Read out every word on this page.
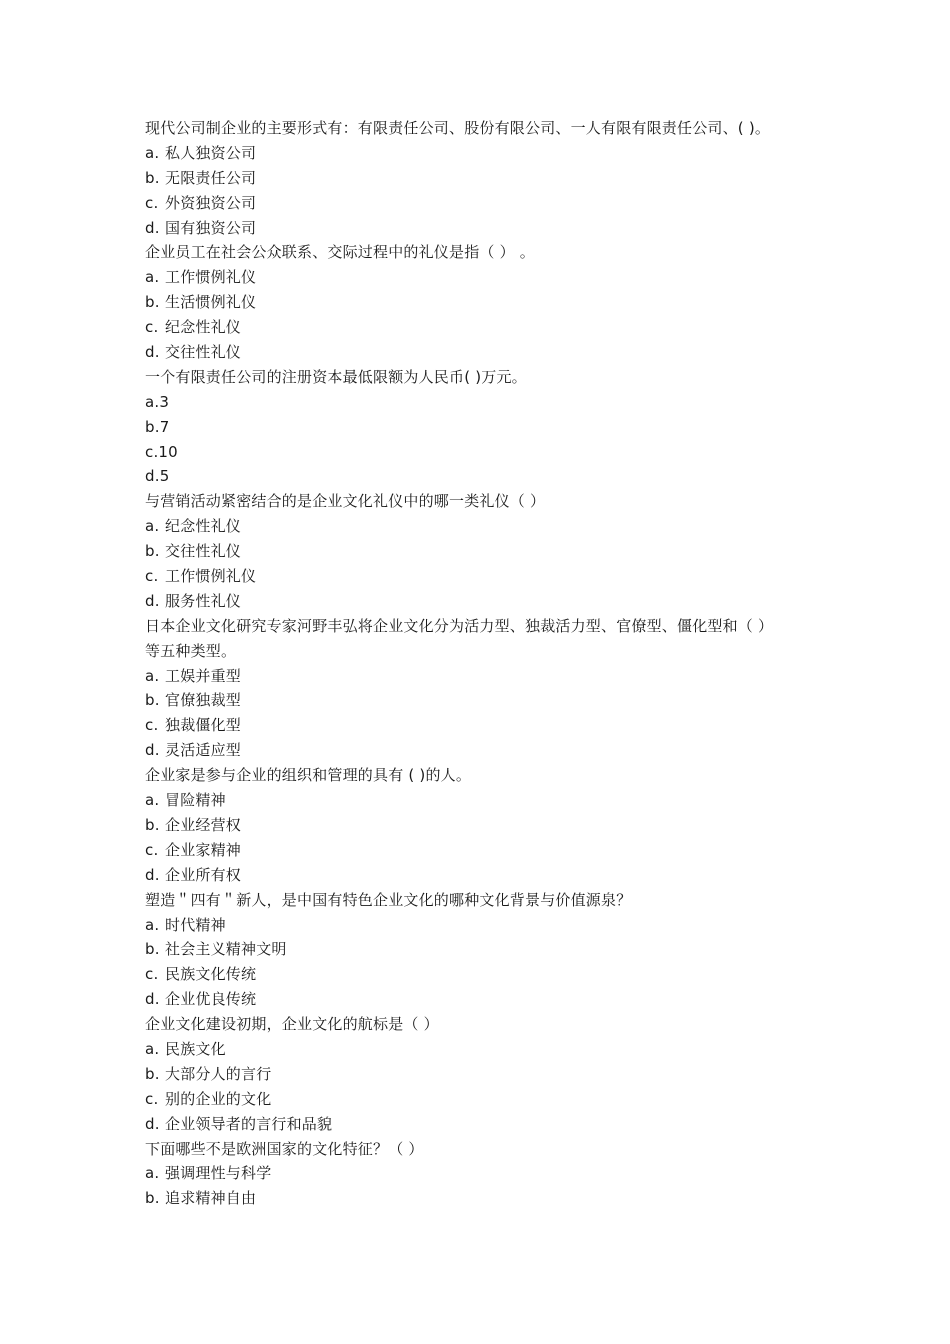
现代公司制企业的主要形式有：有限责任公司、股份有限公司、一人有限有限责任公司、( )。
a. 私人独资公司
b. 无限责任公司
c. 外资独资公司
d. 国有独资公司
企业员工在社会公众联系、交际过程中的礼仪是指（ ） 。
a. 工作惯例礼仪
b. 生活惯例礼仪
c. 纪念性礼仪
d. 交往性礼仪
一个有限责任公司的注册资本最低限额为人民币( )万元。
a.3
b.7
c.10
d.5
与营销活动紧密结合的是企业文化礼仪中的哪一类礼仪（ ）
a. 纪念性礼仪
b. 交往性礼仪
c. 工作惯例礼仪
d. 服务性礼仪
日本企业文化研究专家河野丰弘将企业文化分为活力型、独裁活力型、官僚型、僵化型和（ ）
等五种类型。
a. 工娱并重型
b. 官僚独裁型
c. 独裁僵化型
d. 灵活适应型
企业家是参与企业的组织和管理的具有 ( )的人。
a. 冒险精神
b. 企业经营权
c. 企业家精神
d. 企业所有权
塑造＂四有＂新人，是中国有特色企业文化的哪种文化背景与价值源泉？
a. 时代精神
b. 社会主义精神文明
c. 民族文化传统
d. 企业优良传统
企业文化建设初期，企业文化的航标是（ ）
a. 民族文化
b. 大部分人的言行
c. 别的企业的文化
d. 企业领导者的言行和品貌
下面哪些不是欧洲国家的文化特征？（ ）
a. 强调理性与科学
b. 追求精神自由
